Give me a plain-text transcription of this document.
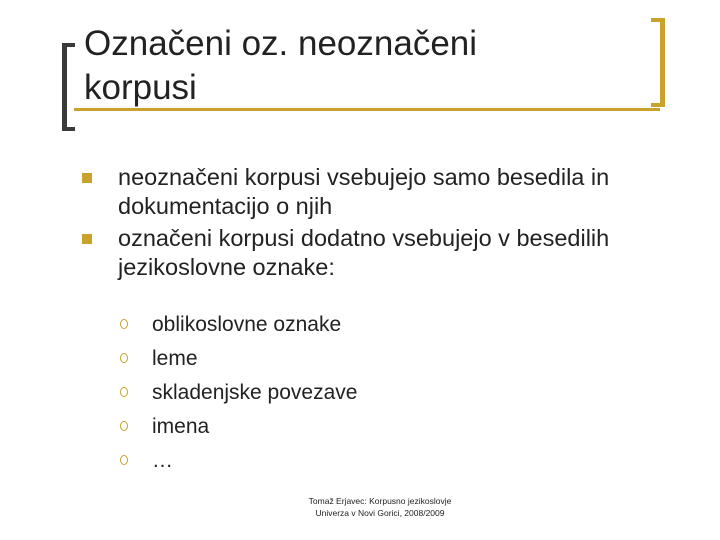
Označeni oz. neoznačeni
korpusi
neoznačeni korpusi vsebujejo samo besedila in dokumentacijo o njih
označeni korpusi dodatno vsebujejo v besedilih jezikoslovne oznake:
oblikoslovne oznake
leme
skladenjske povezave
imena
…
Tomaž Erjavec: Korpusno jezikoslovje
Univerza v Novi Gorici, 2008/2009
